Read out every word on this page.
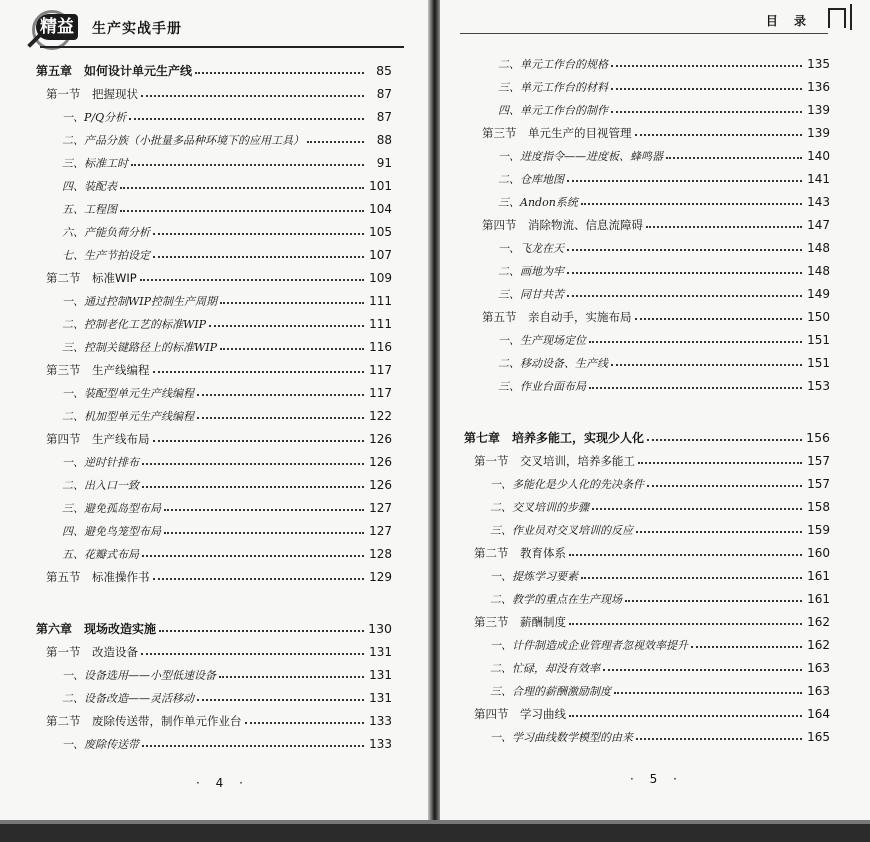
精益 生产实战手册
第五章　如何设计单元生产线	85
第一节　把握现状	87
一、P/Q分析	87
二、产品分族（小批量多品种环境下的应用工具）	88
三、标准工时	91
四、装配表	101
五、工程图	104
六、产能负荷分析	105
七、生产节拍设定	107
第二节　标准WIP	109
一、通过控制WIP控制生产周期	111
二、控制老化工艺的标准WIP	111
三、控制关键路径上的标准WIP	116
第三节　生产线编程	117
一、装配型单元生产线编程	117
二、机加型单元生产线编程	122
第四节　生产线布局	126
一、逆时针排布	126
二、出入口一致	126
三、避免孤岛型布局	127
四、避免鸟笼型布局	127
五、花瓣式布局	128
第五节　标准操作书	129
第六章　现场改造实施	130
第一节　改造设备	131
一、设备选用——小型低速设备	131
二、设备改造——灵活移动	131
第二节　废除传送带，制作单元作业台	133
一、废除传送带	133
· 4 ·
目 录
二、单元工作台的规格	135
三、单元工作台的材料	136
四、单元工作台的制作	139
第三节　单元生产的目视管理	139
一、进度指令——进度板、蜂鸣器	140
二、仓库地图	141
三、Andon系统	143
第四节　消除物流、信息流障碍	147
一、飞龙在天	148
二、画地为牢	148
三、同甘共苦	149
第五节　亲自动手，实施布局	150
一、生产现场定位	151
二、移动设备、生产线	151
三、作业台面布局	153
第七章　培养多能工，实现少人化	156
第一节　交叉培训，培养多能工	157
一、多能化是少人化的先决条件	157
二、交叉培训的步骤	158
三、作业员对交叉培训的反应	159
第二节　教育体系	160
一、提炼学习要素	161
二、教学的重点在生产现场	161
第三节　薪酬制度	162
一、计件制造成企业管理者忽视效率提升	162
二、忙碌，却没有效率	163
三、合理的薪酬激励制度	163
第四节　学习曲线	164
一、学习曲线数学模型的由来	165
· 5 ·
